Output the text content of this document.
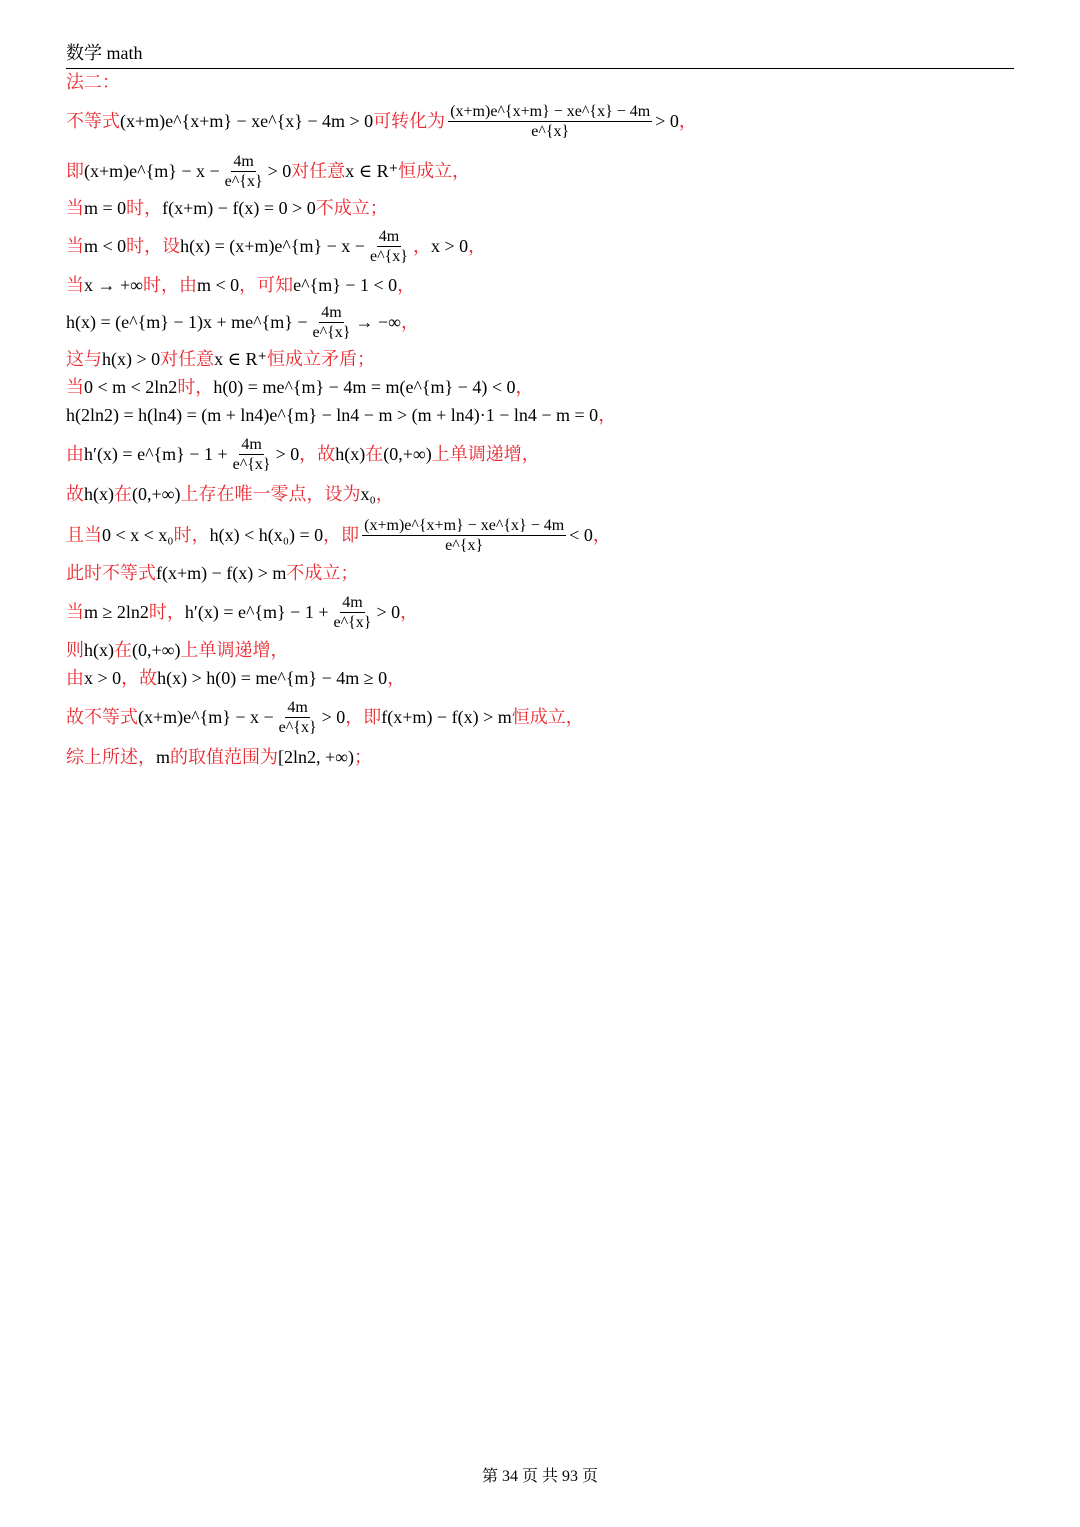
数学 math
法二：
不等式 (x+m)e^{x+m} − xe^{x} − 4m > 0 可转化为 $\frac{(x+m)e\^{}\{x+m\} - xe\^{}\{x\} - 4m}{e\^{}\{x\}} > 0$ ，
即 (x+m)e^{m} − $x - \frac{4m}{e\^{}\{x\}} > 0$ 对任意 x ∈ R⁺ 恒成立，
当 m = 0 时， f(x+m) − f(x) = 0 > 0 不成立；
当 m < 0 时，设 h(x) = (x+m)e^{m} − $x - \frac{4m}{e\^{}\{x\}}$ ， x > 0 ，
当 x → +∞ 时，由 m < 0 ，可知 e^{m} − 1 < 0 ，
h(x) = (e^{m} − 1)x + me^{m} − $\frac{4m}{e\^{}\{x\}}$ → −∞ ，
这与 h(x) > 0 对任意 x ∈ R⁺ 恒成立矛盾；
当 0 < m < 2ln2 时， h(0) = me^{m} − 4m = m(e^{m} − 4) < 0 ，
h(2ln2) = h(ln4) = (m + ln4)e^{m} − ln4 − m > (m + ln4)·1 − ln4 − m = 0 ，
由 h′(x) = e^{m} − $1 + \frac{4m}{e\^{}\{x\}} > 0$ ，故 h(x) 在 (0,+∞) 上单调递增，
故 h(x) 在 (0,+∞) 上存在唯一零点，设为 x₀ ，
且当 0 < x < x₀ 时， h(x) < h(x₀) = 0 ，即 $\frac{(x+m)e\^{}\{x+m\} - xe\^{}\{x\} - 4m}{e\^{}\{x\}} < 0$ ，
此时不等式 f(x+m) − f(x) > m 不成立；
当 m ≥ 2ln2 时， h′(x) = e^{m} − $1 + \frac{4m}{e\^{}\{x\}} > 0$ ，
则 h(x) 在 (0,+∞) 上单调递增，
由 x > 0 ，故 h(x) > h(0) = me^{m} − 4m ≥ 0 ，
故不等式 (x+m)e^{m} − $x - \frac{4m}{e\^{}\{x\}} > 0$ ，即 f(x+m) − f(x) > m 恒成立，
综上所述， m 的取值范围为 [2ln2, +∞) ；
第 34 页 共 93 页
